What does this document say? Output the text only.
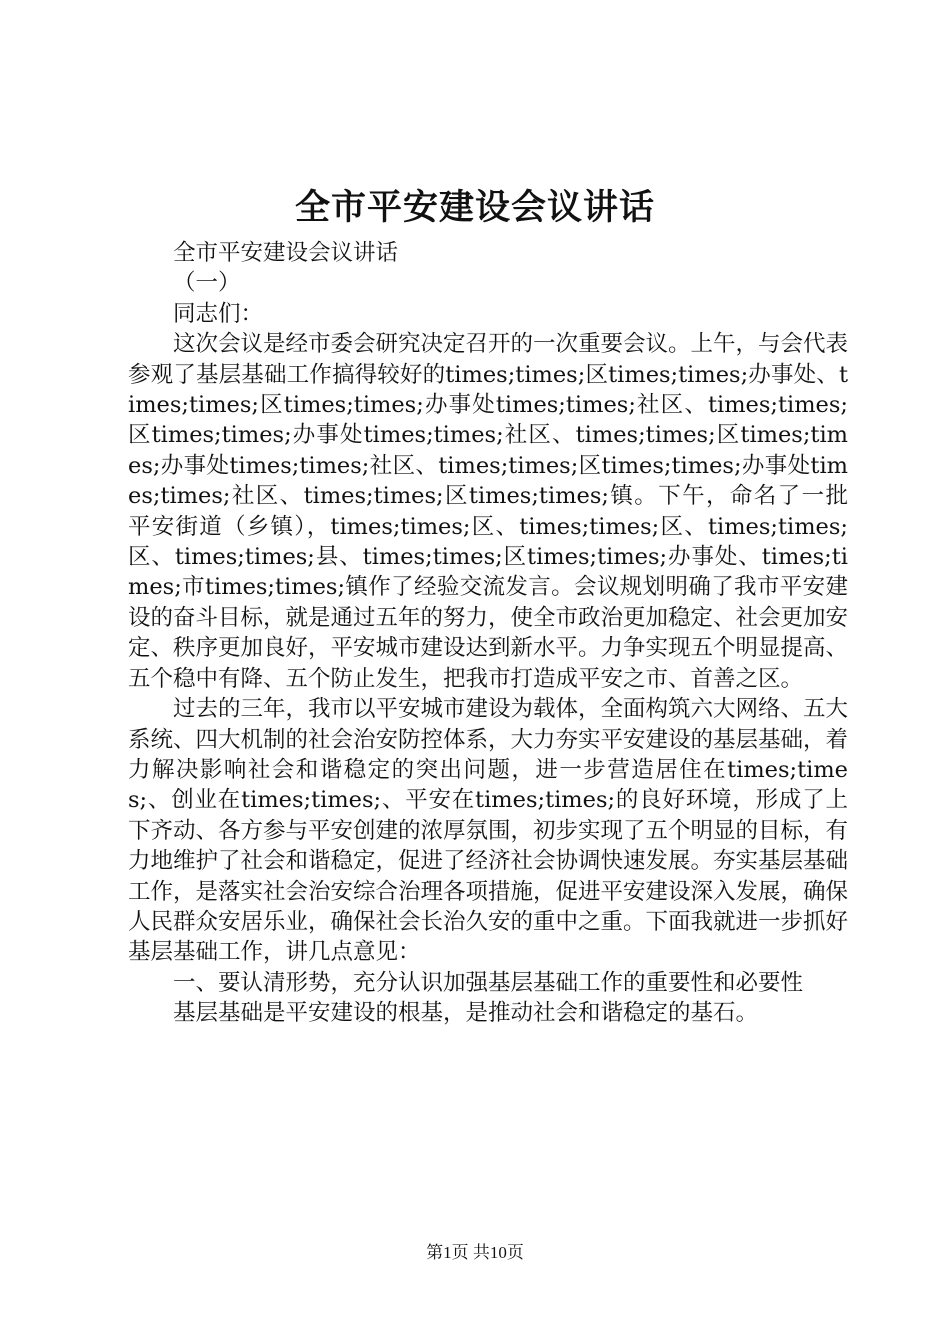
全市平安建设会议讲话

全市平安建设会议讲话

（一）

同志们：

这次会议是经市委会研究决定召开的一次重要会议。上午，与会代表参观了基层基础工作搞得较好的times;times;区times;times;办事处、times;times;区times;times;办事处times;times;社区、times;times;区times;times;办事处times;times;社区、times;times;区times;times;办事处times;times;社区、times;times;区times;times;办事处times;times;社区、times;times;区times;times;镇。下午，命名了一批平安街道（乡镇），times;times;区、times;times;区、times;times;区、times;times;县、times;times;区times;times;办事处、times;times;市times;times;镇作了经验交流发言。会议规划明确了我市平安建设的奋斗目标，就是通过五年的努力，使全市政治更加稳定、社会更加安定、秩序更加良好，平安城市建设达到新水平。力争实现五个明显提高、五个稳中有降、五个防止发生，把我市打造成平安之市、首善之区。

过去的三年，我市以平安城市建设为载体，全面构筑六大网络、五大系统、四大机制的社会治安防控体系，大力夯实平安建设的基层基础，着力解决影响社会和谐稳定的突出问题，进一步营造居住在times;times;、创业在times;times;、平安在times;times;的良好环境，形成了上下齐动、各方参与平安创建的浓厚氛围，初步实现了五个明显的目标，有力地维护了社会和谐稳定，促进了经济社会协调快速发展。夯实基层基础工作，是落实社会治安综合治理各项措施，促进平安建设深入发展，确保人民群众安居乐业，确保社会长治久安的重中之重。下面我就进一步抓好基层基础工作，讲几点意见：

一、要认清形势，充分认识加强基层基础工作的重要性和必要性

基层基础是平安建设的根基，是推动社会和谐稳定的基石。

第1页 共10页
